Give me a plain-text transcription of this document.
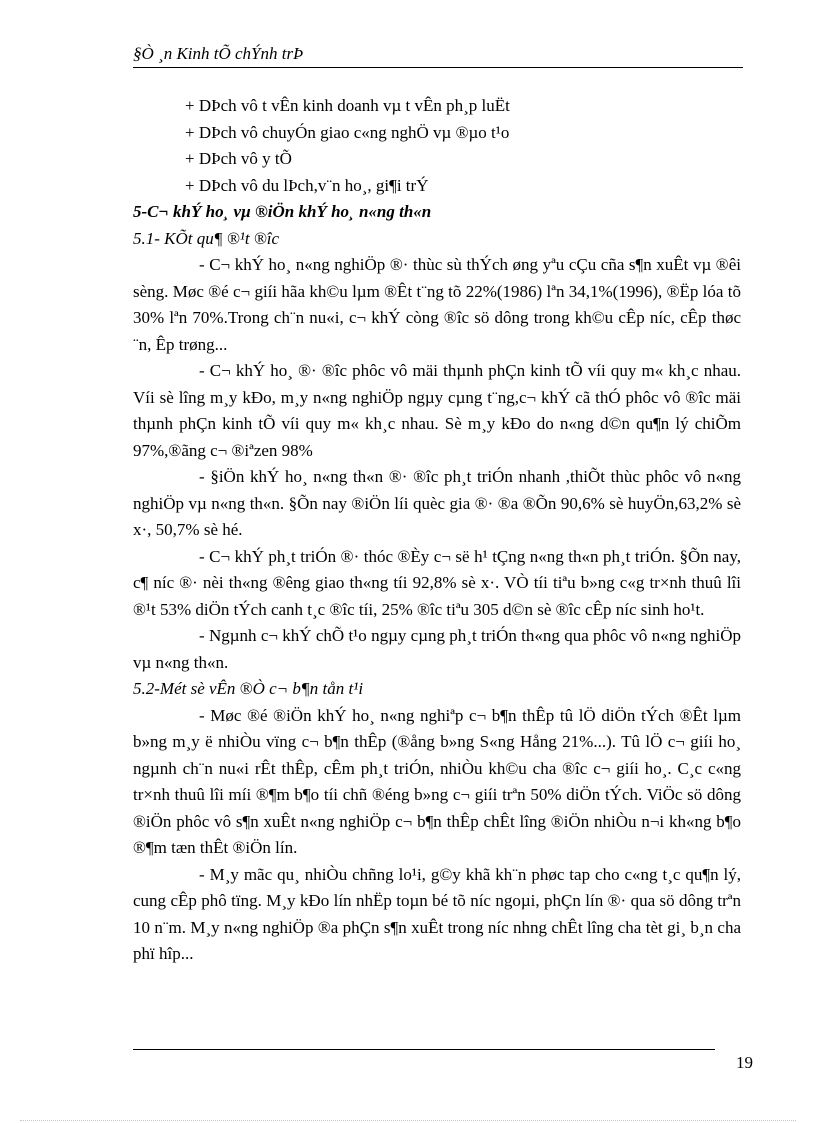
§Ò ¸n Kinh tÕ chÝnh trÞ

+ DÞch vô t vÊn kinh doanh vµ t vÊn ph¸p luËt

+ DÞch vô chuyÓn giao c«ng nghÖ vµ ®µo t¹o

+ DÞch vô y tÕ

+ DÞch vô du lÞch,v¨n ho¸, gi¶i trÝ

5-C¬ khÝ ho¸ vµ ®iÖn khÝ ho¸ n«ng th«n

5.1- KÕt qu¶ ®¹t ®îc

- C¬ khÝ ho¸ n«ng nghiÖp ®· thùc sù thÝch øng yªu cÇu cña s¶n xuÊt vµ ®êi sèng. Møc ®é c¬ giíi hãa kh©u lµm ®Êt t¨ng tõ 22%(1986) lªn 34,1%(1996), ®Ëp lóa tõ 30% lªn 70%.Trong ch¨n nu«i, c¬ khÝ còng ®îc sö dông trong kh©u cÊp níc, cÊp thøc ¨n, Êp trøng...

- C¬ khÝ ho¸ ®· ®îc phôc vô mäi thµnh phÇn kinh tÕ víi quy m« kh¸c nhau. Víi sè lîng m¸y kÐo, m¸y n«ng nghiÖp ngµy cµng t¨ng,c¬ khÝ cã thÓ phôc vô ®îc mäi thµnh phÇn kinh tÕ víi quy m« kh¸c nhau. Sè m¸y kÐo do n«ng d©n qu¶n lý chiÕm 97%,®ãng c¬ ®iªzen 98%

- §iÖn khÝ ho¸ n«ng th«n ®· ®îc ph¸t triÓn nhanh ,thiÕt thùc phôc vô n«ng nghiÖp vµ n«ng th«n. §Õn nay ®iÖn líi quèc gia ®· ®a ®Õn 90,6% sè huyÖn,63,2% sè x·, 50,7% sè hé.

- C¬ khÝ ph¸t triÓn ®· thóc ®Èy c¬ së h¹ tÇng n«ng th«n ph¸t triÓn. §Õn nay, c¶ níc ®· nèi th«ng ®êng giao th«ng tíi 92,8% sè x·. VÒ tíi tiªu b»ng c«g tr×nh thuû lîi ®¹t 53% diÖn tÝch canh t¸c ®îc tíi, 25% ®îc tiªu 305 d©n sè ®îc cÊp níc sinh ho¹t.

- Ngµnh c¬ khÝ chÕ t¹o ngµy cµng ph¸t triÓn th«ng qua phôc vô n«ng nghiÖp vµ n«ng th«n.

5.2-Mét sè vÊn ®Ò c¬ b¶n tån t¹i

- Møc ®é ®iÖn khÝ ho¸ n«ng nghiªp c¬ b¶n thÊp tû lÖ diÖn tÝch ®Êt lµm b»ng m¸y ë nhiÒu vïng c¬ b¶n thÊp (®ång b»ng S«ng Hång 21%...). Tû lÖ c¬ giíi ho¸ ngµnh ch¨n nu«i rÊt thÊp, cÊm ph¸t triÓn, nhiÒu kh©u cha ®îc c¬ giíi ho¸. C¸c c«ng tr×nh thuû lîi míi ®¶m b¶o tíi chñ ®éng b»ng c¬ giíi trªn 50% diÖn tÝch. ViÖc sö dông ®iÖn phôc vô s¶n xuÊt n«ng nghiÖp c¬ b¶n thÊp chÊt lîng ®iÖn nhiÒu n¬i kh«ng b¶o ®¶m tæn thÊt ®iÖn lín.

- M¸y mãc qu¸ nhiÒu chñng lo¹i, g©y khã kh¨n phøc tap cho c«ng t¸c qu¶n lý, cung cÊp phô tïng. M¸y kÐo lín nhËp toµn bé tõ níc ngoµi, phÇn lín ®· qua sö dông trªn 10 n¨m. M¸y n«ng nghiÖp ®a phÇn s¶n xuÊt trong níc nhng chÊt lîng cha tèt gi¸ b¸n cha phï hîp...

19
